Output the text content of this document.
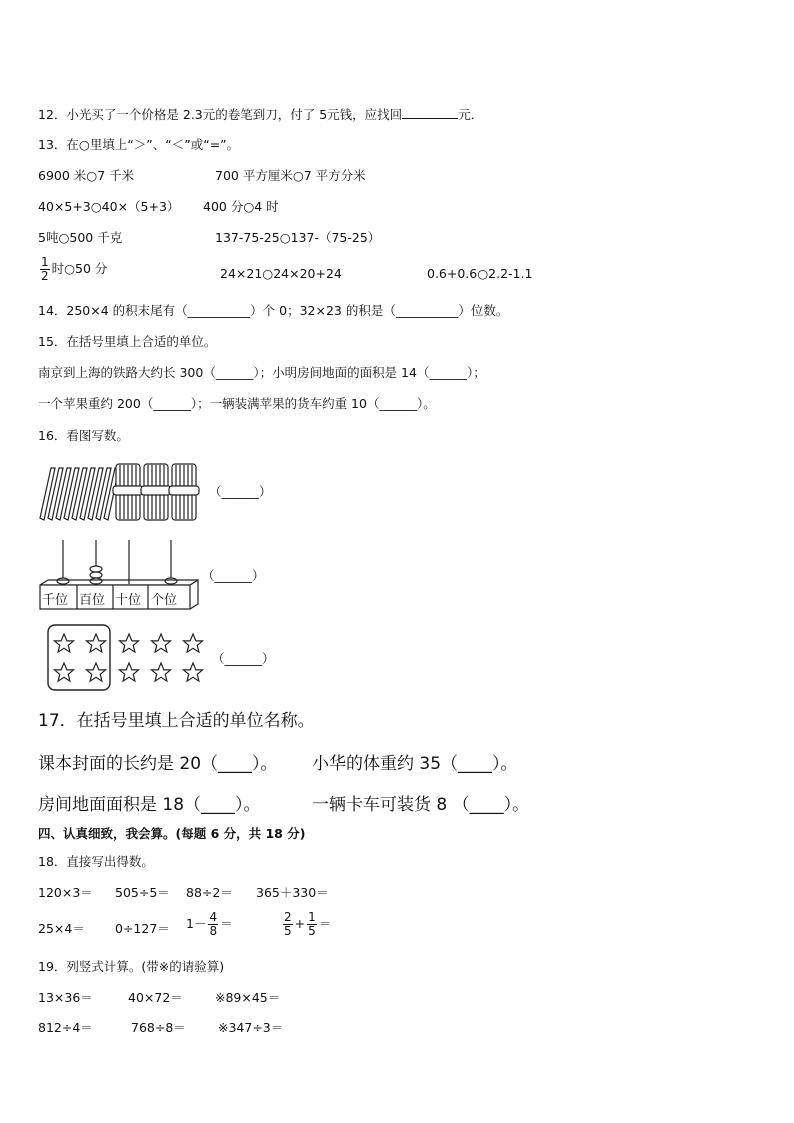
12．小光买了一个价格是 2.3元的卷笔到刀，付了 5元钱，应找回	元．
13．在○里填上“＞”、“＜”或“=”。
6900 米○7 千米	700 平方厘米○7 平方分米
40×5+3○40×（5+3） 400 分○4 时
5吨○500 千克	137-75-25○137-（75-25）
$\frac{1}{2}$ 时○50 分	24×21○24×20+24	0.6+0.6○2.2-1.1
14．250×4 的积末尾有（__________）个 0；32×23 的积是（__________）位数。
15．在括号里填上合适的单位。
南京到上海的铁路大约长 300（______）；小明房间地面的面积是 14（______）；
一个苹果重约 200（______）；一辆装满苹果的货车约重 10（______）。
16．看图写数。
（______）
千位 百位 十位 个位
（______）
（______）
17．在括号里填上合适的单位名称。
课本封面的长约是 20（____）。 小华的体重约 35（____）。
房间地面面积是 18（____）。	一辆卡车可装货 8 （____）。
四、认真细致，我会算。(每题 6 分，共 18 分)
18．直接写出得数。
120×3＝ 505÷5＝ 88÷2＝ 365＋330＝
$25\times 4= 0\div 127= 1- \frac{4}{8}$ ＝	$\frac{2}{5} + \frac{1}{5}$ ＝
19．列竖式计算。(带※的请验算)
13×36＝	40×72＝	※89×45＝
812÷4＝	768÷8＝	※347÷3＝
